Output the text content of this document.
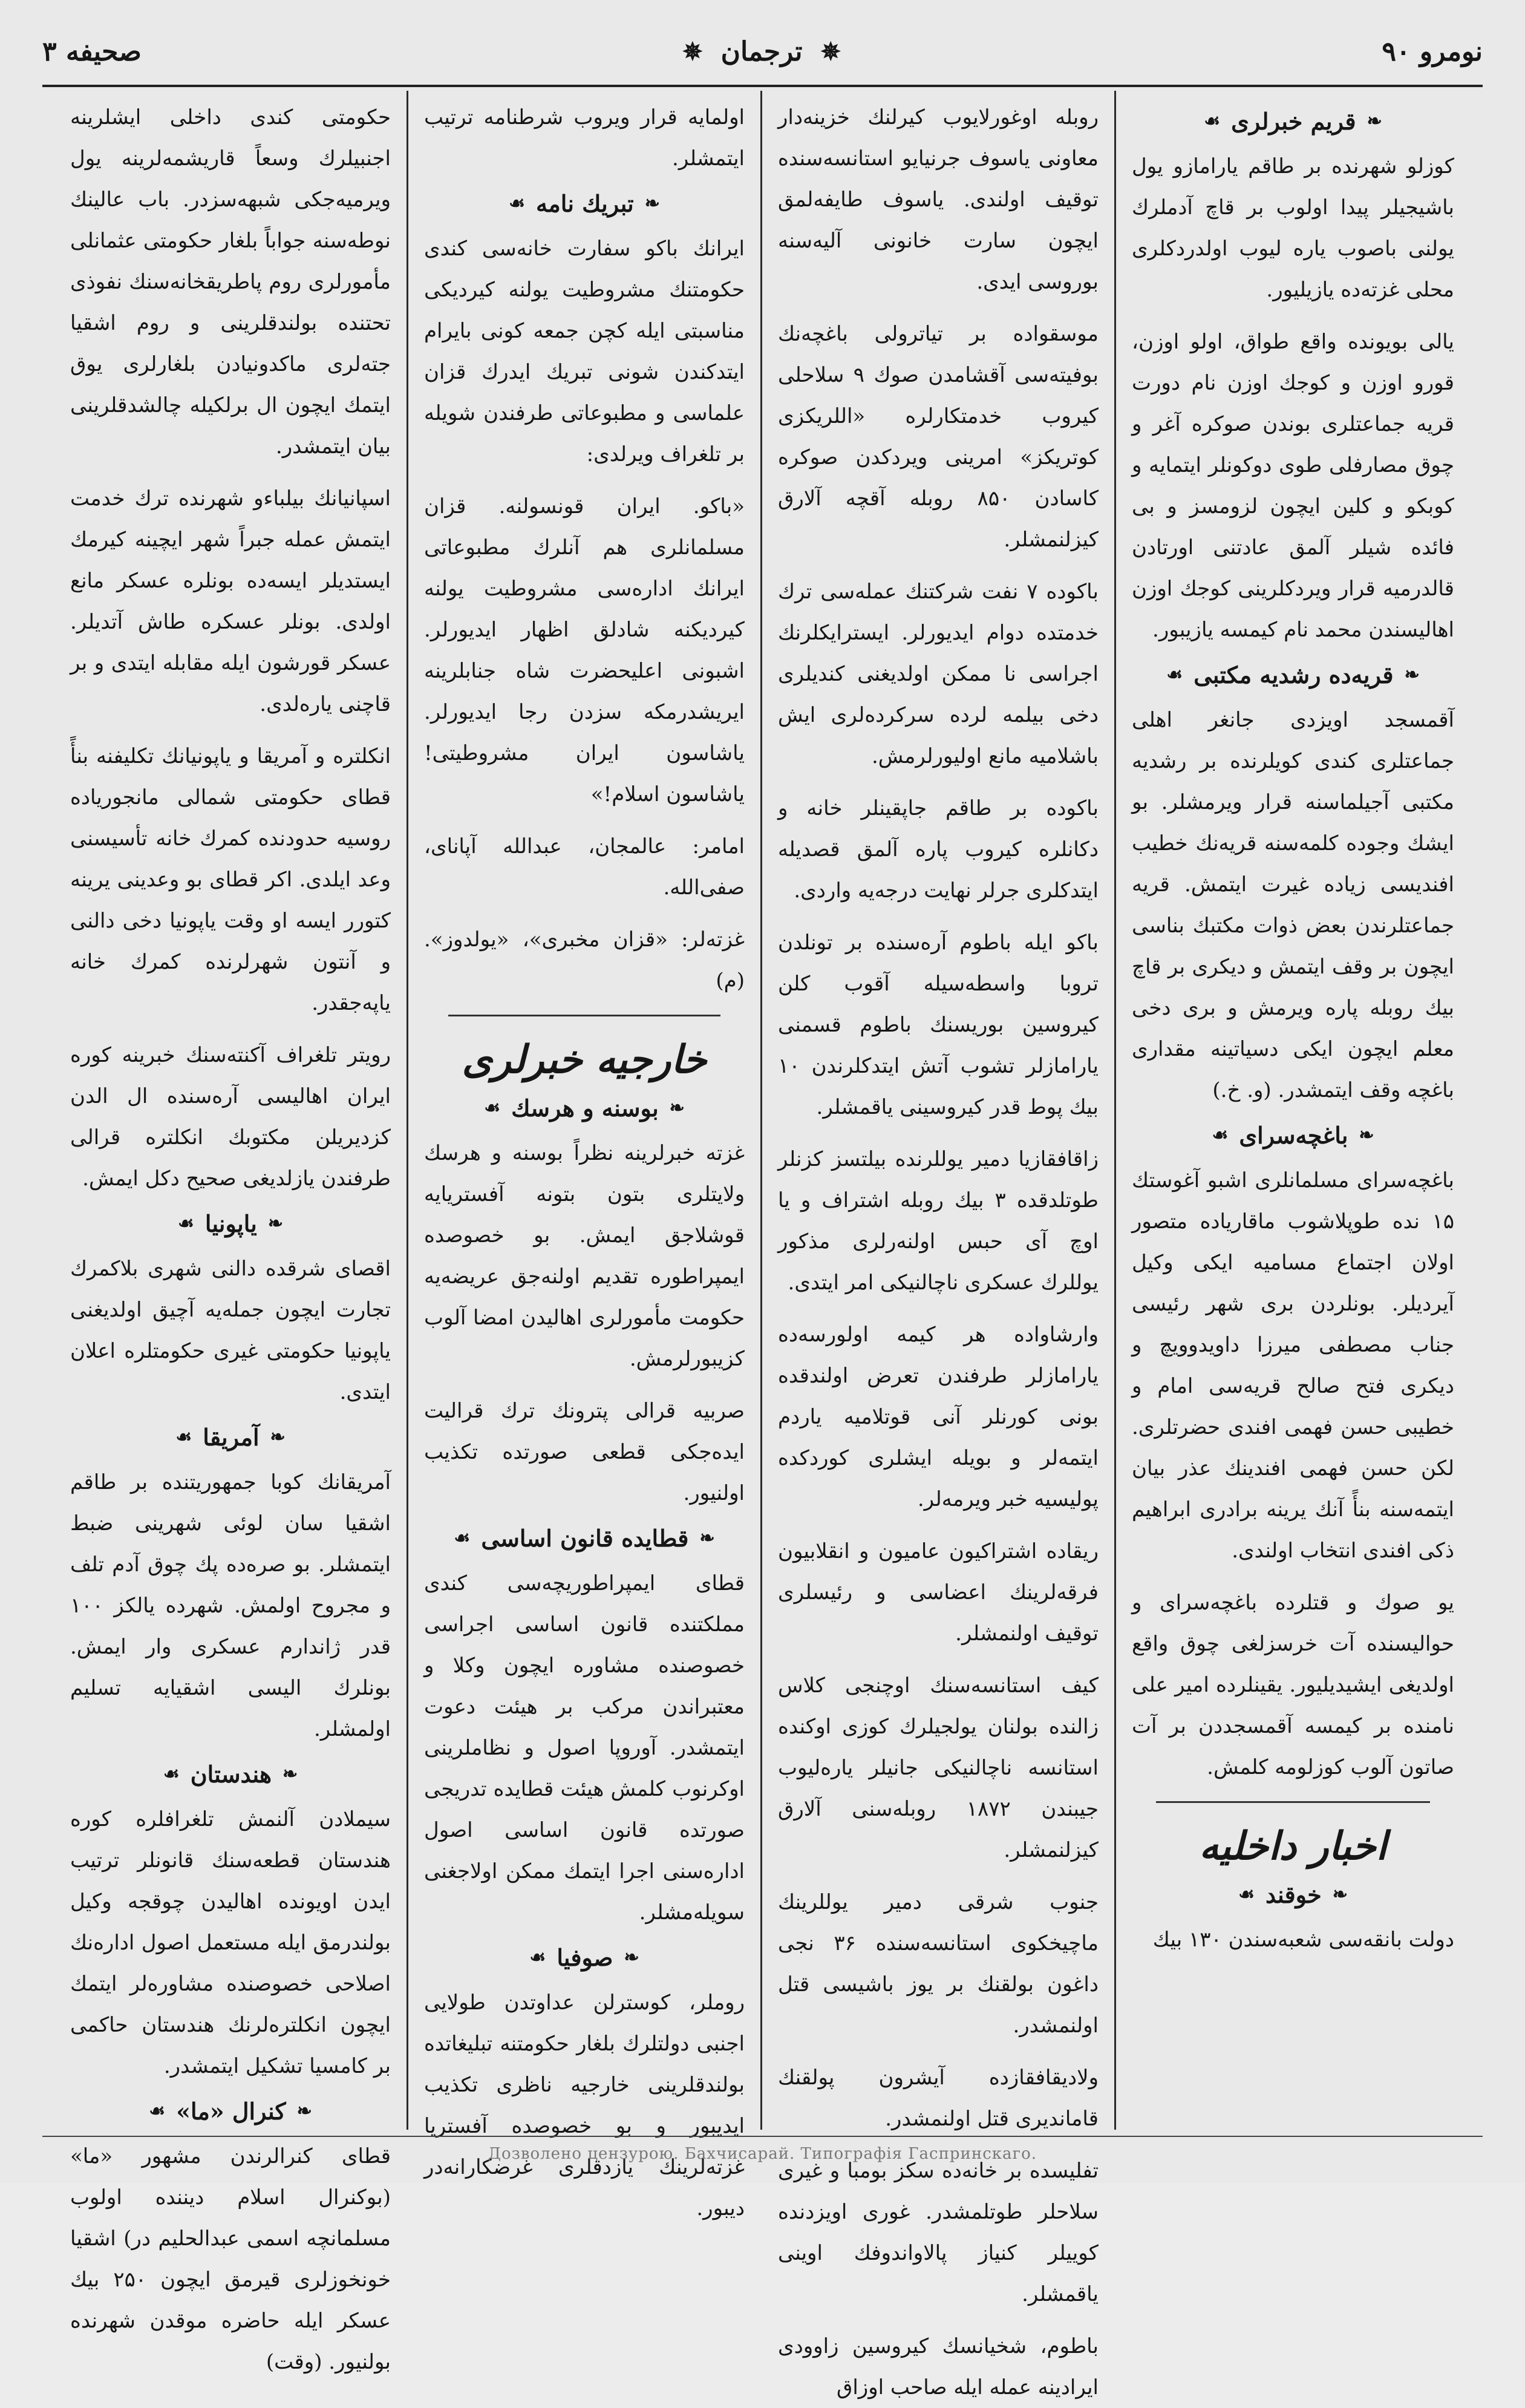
صحیفه ۳	✵ ترجمان ✵	نومرو ۹۰
❧
قریم خبرلری
☙

کوزلو شهرنده بر طاقم یارامازو یول باشیجیلر پیدا اولوب بر قاچ آدملرك یولنی باصوب یاره لیوب اولدردکلری محلی غزته‌ده یازیلیور.

یالی بویونده واقع طواق، اولو اوزن، قورو اوزن و کوجك اوزن نام دورت قریه جماعتلری بوندن صوکره آغر و چوق مصارفلی طوی دوکونلر ایتمایه و کوبکو و کلین ایچون لزومسز و بی فائده شیلر آلمق عادتنی اورتادن قالدرمیه قرار ویردکلرینی کوجك اوزن اهالیسندن محمد نام کیمسه یازیبور.

❧
قریه‌ده رشدیه مکتبی
☙

آقمسجد اویزدی جانغر اهلی جماعتلری کندی کویلرنده بر رشدیه مکتبی آجیلماسنه قرار ویرمشلر. بو ایشك وجوده کلمه‌سنه قریه‌نك خطیب افندیسی زیاده غیرت ایتمش. قریه جماعتلرندن بعض ذوات مکتبك بناسی ایچون بر وقف ایتمش و دیکری بر قاچ بیك روبله پاره ویرمش و بری دخی معلم ایچون ایکی دسیاتینه مقداری باغچه وقف ایتمشدر. (و. خ.)

❧
باغچه‌سرای
☙

باغچه‌سرای مسلمانلری اشبو آغوستك ۱۵ نده طوپلاشوب ماقاریاده متصور اولان اجتماع مسامیه ایکی وکیل آیردیلر. بونلردن بری شهر رئیسی جناب مصطفی میرزا داویدوویچ و دیکری فتح صالح قریه‌سی امام و خطیبی حسن فهمی افندی حضرتلری. لکن حسن فهمی افندینك عذر بیان ایتمه‌سنه بنأً آنك یرینه برادری ابراهیم ذکی افندی انتخاب اولندی.

یو صوك و قتلرده باغچه‌سرای و حوالیسنده آت خرسزلغی چوق واقع اولدیغی ایشیدیلیور. یقینلرده امیر علی نامنده بر کیمسه آقمسجددن بر آت صاتون آلوب کوزلومه کلمش.

اخبار داخلیه
❧
خوقند
☙

دولت بانقه‌سی شعبه‌سندن ۱۳۰ بیك

روبله اوغورلایوب کیرلنك خزینه‌دار معاونی یاسوف جرنیایو استانسه‌سنده توقیف اولندی. یاسوف طایفه‌لمق ایچون سارت خانونی آلیه‌سنه بوروسی ایدی.

موسقواده بر تیاترولی باغچه‌نك بوفیته‌سی آقشامدن صوك ۹ سلاحلی کیروب خدمتکارلره «اللریکزی کوتریکز» امرینی ویردکدن صوکره کاسادن ۸۵۰ روبله آقچه آلارق کیزلنمشلر.

باکوده ۷ نفت شرکتنك عمله‌سی ترك خدمتده دوام ایدیورلر. ایسترایکلرنك اجراسی نا ممکن اولدیغنی کندیلری دخی بیلمه لرده سرکرده‌لری ایش باشلامیه مانع اولیورلرمش.

باکوده بر طاقم جاپقینلر خانه و دکانلره کیروب پاره آلمق قصدیله ایتدکلری جرلر نهایت درجه‌یه واردی.

باکو ایله باطوم آره‌سنده بر تونلدن تروبا واسطه‌سیله آقوب کلن کیروسین بوریسنك باطوم قسمنی یارامازلر تشوب آتش ایتدکلرندن ۱۰ بیك پوط قدر کیروسینی یاقمشلر.

زاقافقازیا دمیر یوللرنده بیلتسز کزنلر طوتلدقده ۳ بیك روبله اشتراف و یا اوچ آی حبس اولنه‌رلری مذکور یوللرك عسکری ناچالنیکی امر ایتدی.

وارشاواده هر کیمه اولورسه‌ده یارامازلر طرفندن تعرض اولندقده بونی کورنلر آنی قوتلامیه یاردم ایتمه‌لر و بویله ایشلری کوردکده پولیسیه خبر ویرمه‌لر.

ریقاده اشتراکیون عامیون و انقلابیون فرقه‌لرینك اعضاسی و رئیسلری توقیف اولنمشلر.

کیف استانسه‌سنك اوچنجی کلاس زالنده بولنان یولجیلرك کوزی اوکنده استانسه ناچالنیکی جانیلر یاره‌لیوب جیبندن ۱۸۷۲ روبله‌سنی آلارق کیزلنمشلر.

جنوب شرقی دمیر یوللرینك ماچیخکوی استانسه‌سنده ۳۶ نجی داغون بولقنك بر یوز باشیسی قتل اولنمشدر.

ولادیقافقازده آیشرون پولقنك قاماندیری قتل اولنمشدر.

تفلیسده بر خانه‌ده سکز بومبا و غیری سلاحلر طوتلمشدر. غوری اویزدنده کوییلر کنیاز پالاواندوفك اوینی یاقمشلر.

باطوم، شخیانسك کیروسین زاوودی ایرادینه عمله ایله صاحب اوزاق

اولمایه قرار ویروب شرطنامه ترتیب ایتمشلر.

❧
تبریك نامه
☙

ایرانك باکو سفارت خانه‌سی کندی حکومتنك مشروطیت یولنه کیردیکی مناسبتی ایله کچن جمعه کونی بایرام ایتدکندن شونی تبریك ایدرك قزان علماسی و مطبوعاتی طرفندن شویله بر تلغراف ویرلدی:

«باکو. ایران قونسولنه. قزان مسلمانلری هم آنلرك مطبوعاتی ایرانك اداره‌سی مشروطیت یولنه کیردیکنه شادلق اظهار ایدیورلر. اشبونی اعلیحضرت شاه جنابلرینه ایریشدرمکه سزدن رجا ایدیورلر. یاشاسون ایران مشروطیتی! یاشاسون اسلام!»

امامر: عالمجان، عبدالله آپانای، صفی‌الله.

غزته‌لر: «قزان مخبری»، «یولدوز». (م)

خارجیه خبرلری
❧
بوسنه و هرسك
☙

غزته خبرلرینه نظراً بوسنه و هرسك ولایتلری بتون بتونه آفستریایه قوشلاجق ایمش. بو خصوصده ایمپراطوره تقدیم اولنه‌جق عریضه‌یه حکومت مأمورلری اهالیدن امضا آلوب کزیبورلرمش.

صربیه قرالی پترونك ترك قرالیت ایده‌جکی قطعی صورتده تکذیب اولنیور.

❧
قطایده قانون اساسی
☙

قطای ایمپراطوریچه‌سی کندی مملکتنده قانون اساسی اجراسی خصوصنده مشاوره ایچون وکلا و معتبراندن مرکب بر هیئت دعوت ایتمشدر. آوروپا اصول و نظاملرینی اوکرنوب کلمش هیئت قطایده تدریجی صورتده قانون اساسی اصول اداره‌سنی اجرا ایتمك ممکن اولاجغنی سویله‌مشلر.

❧
صوفیا
☙

روملر، کوسترلن عداوتدن طولایی اجنبی دولتلرك بلغار حکومتنه تبلیغاتده بولندقلرینی خارجیه ناظری تکذیب ایدیبور و بو خصوصده آفستریا غزته‌لرینك یازدقلری غرضکارانه‌در دیبور.

حکومتی کندی داخلی ایشلرینه اجنبیلرك وسعاً قاریشمه‌لرینه یول ویرمیه‌جکی شبهه‌سزدر. باب عالینك نوطه‌سنه جواباً بلغار حکومتی عثمانلی مأمورلری روم پاطریقخانه‌سنك نفوذی تحتنده بولندقلرینی و روم اشقیا جته‌لری ماکدونیادن بلغارلری یوق ایتمك ایچون ال برلکیله چالشدقلرینی بیان ایتمشدر.

اسپانیانك بیلباءو شهرنده ترك خدمت ایتمش عمله جبراً شهر ایچینه کیرمك ایستدیلر ایسه‌ده بونلره عسکر مانع اولدی. بونلر عسکره طاش آتدیلر. عسکر قورشون ایله مقابله ایتدی و بر قاچنی یاره‌لدی.

انکلتره و آمریقا و یاپونیانك تکلیفنه بنأً قطای حکومتی شمالی مانجوریاده روسیه حدودنده کمرك خانه تأسیسنی وعد ایلدی. اکر قطای بو وعدینی یرینه کتورر ایسه او وقت یاپونیا دخی دالنی و آنتون شهرلرنده کمرك خانه یاپه‌جقدر.

رویتر تلغراف آکنته‌سنك خبرینه کوره ایران اهالیسی آره‌سنده ال الدن کزدیریلن مکتوبك انکلتره قرالی طرفندن یازلدیغی صحیح دکل ایمش.

❧
یاپونیا
☙

اقصای شرقده دالنی شهری بلاکمرك تجارت ایچون جمله‌یه آچیق اولدیغنی یاپونیا حکومتی غیری حکومتلره اعلان ایتدی.

❧
آمریقا
☙

آمریقانك کوبا جمهوریتنده بر طاقم اشقیا سان لوئی شهرینی ضبط ایتمشلر. بو صره‌ده پك چوق آدم تلف و مجروح اولمش. شهرده یالکز ۱۰۰ قدر ژاندارم عسکری وار ایمش. بونلرك الیسی اشقیایه تسلیم اولمشلر.

❧
هندستان
☙

سیملادن آلنمش تلغرافلره کوره هندستان قطعه‌سنك قانونلر ترتیب ایدن اویونده اهالیدن چوقجه وکیل بولندرمق ایله مستعمل اصول اداره‌نك اصلاحی خصوصنده مشاوره‌لر ایتمك ایچون انکلتره‌لرنك هندستان حاکمی بر کامسیا تشکیل ایتمشدر.

❧
کنرال «ما»
☙

قطای کنرالرندن مشهور «ما» (بوکنرال اسلام دیننده اولوب مسلمانچه اسمی عبدالحلیم در) اشقیا خونخوزلری قیرمق ایچون ۲۵۰ بیك عسکر ایله حاضره موقدن شهرنده بولنیور. (وقت)

Дозволено цензурою. Бахчисарай. Типографія Гаспринскаго.
